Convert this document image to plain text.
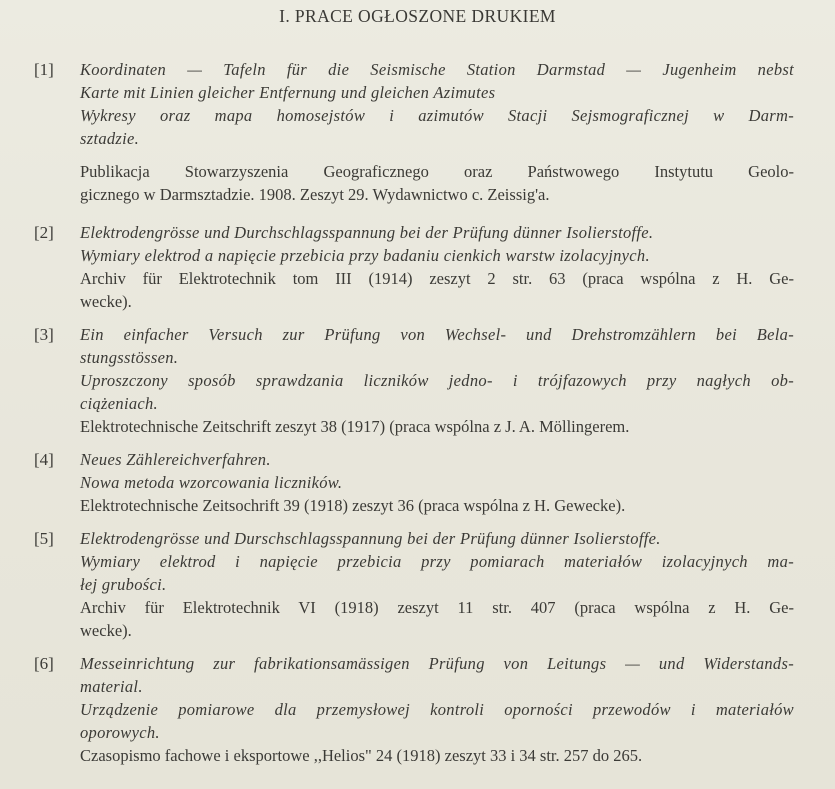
I. PRACE OGŁOSZONE DRUKIEM
[1] Koordinaten — Tafeln für die Seismische Station Darmstad — Jugenheim nebst
Karte mit Linien gleicher Entfernung und gleichen Azimutes
Wykresy oraz mapa homosejstów i azimutów Stacji Sejsmograficznej w Darm-
sztadzie.
Publikacja Stowarzyszenia Geograficznego oraz Państwowego Instytutu Geolo-
gicznego w Darmsztadzie. 1908. Zeszyt 29. Wydawnictwo c. Zeissig'a.
[2] Elektrodengrösse und Durchschlagsspannung bei der Prüfung dünner Isolierstoffe.
Wymiary elektrod a napięcie przebicia przy badaniu cienkich warstw izolacyjnych.
Archiv für Elektrotechnik tom III (1914) zeszyt 2 str. 63 (praca wspólna z H. Ge-
wecke).
[3] Ein einfacher Versuch zur Prüfung von Wechsel- und Drehstromzählern bei Bela-
stungsstössen.
Uproszczony sposób sprawdzania liczników jedno- i trójfazowych przy nagłych ob-
ciążeniach.
Elektrotechnische Zeitschrift zeszyt 38 (1917) (praca wspólna z J. A. Möllingerem.
[4] Neues Zählereichverfahren.
Nowa metoda wzorcowania liczników.
Elektrotechnische Zeitsochrift 39 (1918) zeszyt 36 (praca wspólna z H. Gewecke).
[5] Elektrodengrösse und Durschschlagsspannung bei der Prüfung dünner Isolierstoffe.
Wymiary elektrod i napięcie przebicia przy pomiarach materiałów izolacyjnych ma-
łej grubości.
Archiv für Elektrotechnik VI (1918) zeszyt 11 str. 407 (praca wspólna z H. Ge-
wecke).
[6] Messeinrichtung zur fabrikationsamässigen Prüfung von Leitungs — und Widerstands-
material.
Urządzenie pomiarowe dla przemysłowej kontroli oporności przewodów i materiałów
oporowych.
Czasopismo fachowe i eksportowe ,,Helios" 24 (1918) zeszyt 33 i 34 str. 257 do 265.
